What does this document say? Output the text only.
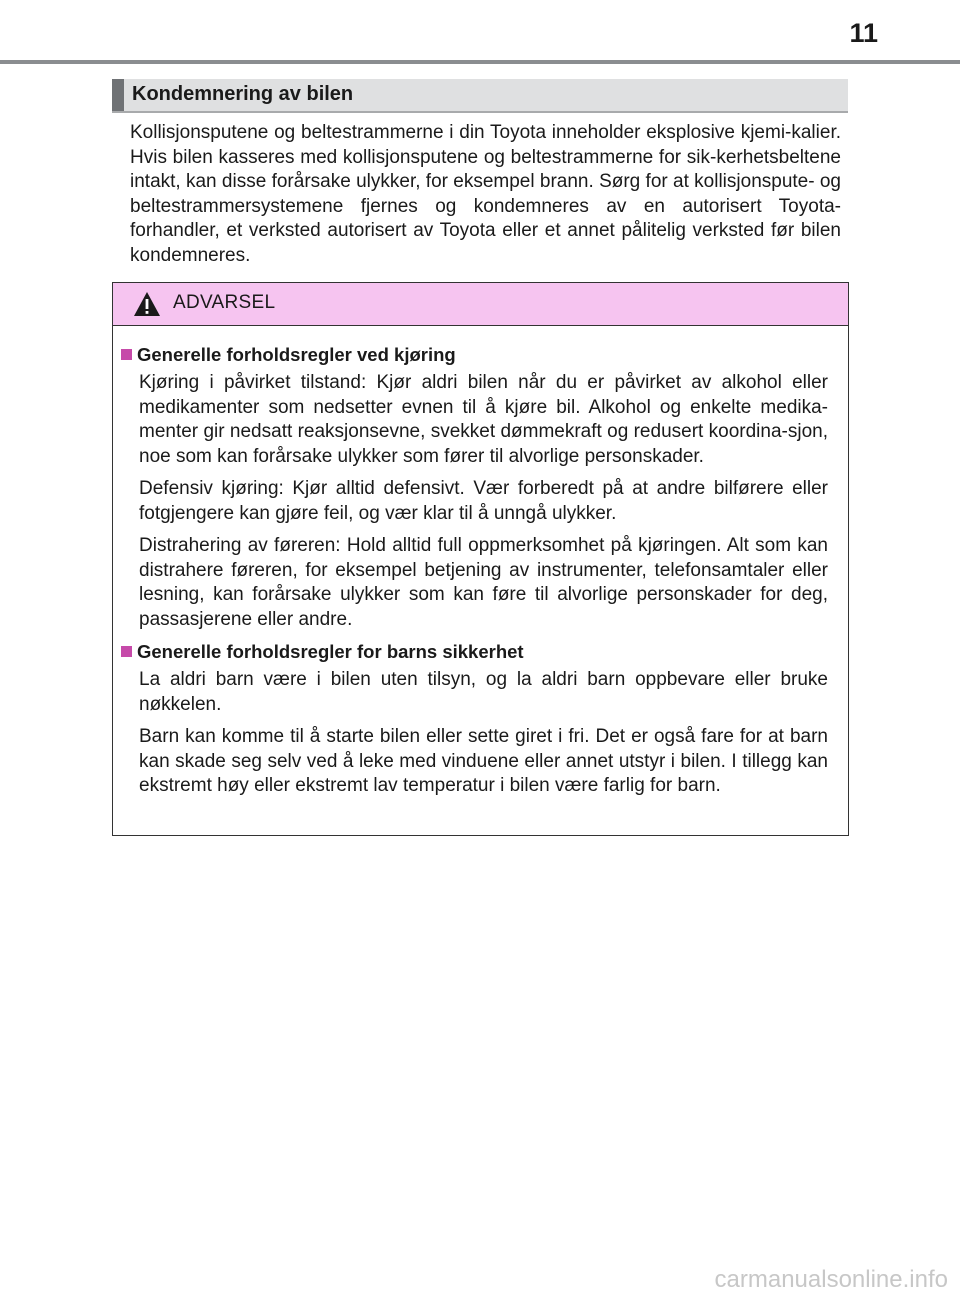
11
Kondemnering av bilen

Kollisjonsputene og beltestrammerne i din Toyota inneholder eksplosive kjemi-kalier. Hvis bilen kasseres med kollisjonsputene og beltestrammerne for sik-kerhetsbeltene intakt, kan disse forårsake ulykker, for eksempel brann. Sørg for at kollisjonspute- og beltestrammersystemene fjernes og kondemneres av en autorisert Toyota-forhandler, et verksted autorisert av Toyota eller et annet pålitelig verksted før bilen kondemneres.

ADVARSEL
Generelle forholdsregler ved kjøring

Kjøring i påvirket tilstand: Kjør aldri bilen når du er påvirket av alkohol eller medikamenter som nedsetter evnen til å kjøre bil. Alkohol og enkelte medika-menter gir nedsatt reaksjonsevne, svekket dømmekraft og redusert koordina-sjon, noe som kan forårsake ulykker som fører til alvorlige personskader.

Defensiv kjøring: Kjør alltid defensivt. Vær forberedt på at andre bilførere eller fotgjengere kan gjøre feil, og vær klar til å unngå ulykker.

Distrahering av føreren: Hold alltid full oppmerksomhet på kjøringen. Alt som kan distrahere føreren, for eksempel betjening av instrumenter, telefonsamtaler eller lesning, kan forårsake ulykker som kan føre til alvorlige personskader for deg, passasjerene eller andre.

Generelle forholdsregler for barns sikkerhet

La aldri barn være i bilen uten tilsyn, og la aldri barn oppbevare eller bruke nøkkelen.

Barn kan komme til å starte bilen eller sette giret i fri. Det er også fare for at barn kan skade seg selv ved å leke med vinduene eller annet utstyr i bilen. I tillegg kan ekstremt høy eller ekstremt lav temperatur i bilen være farlig for barn.

carmanualsonline.info
